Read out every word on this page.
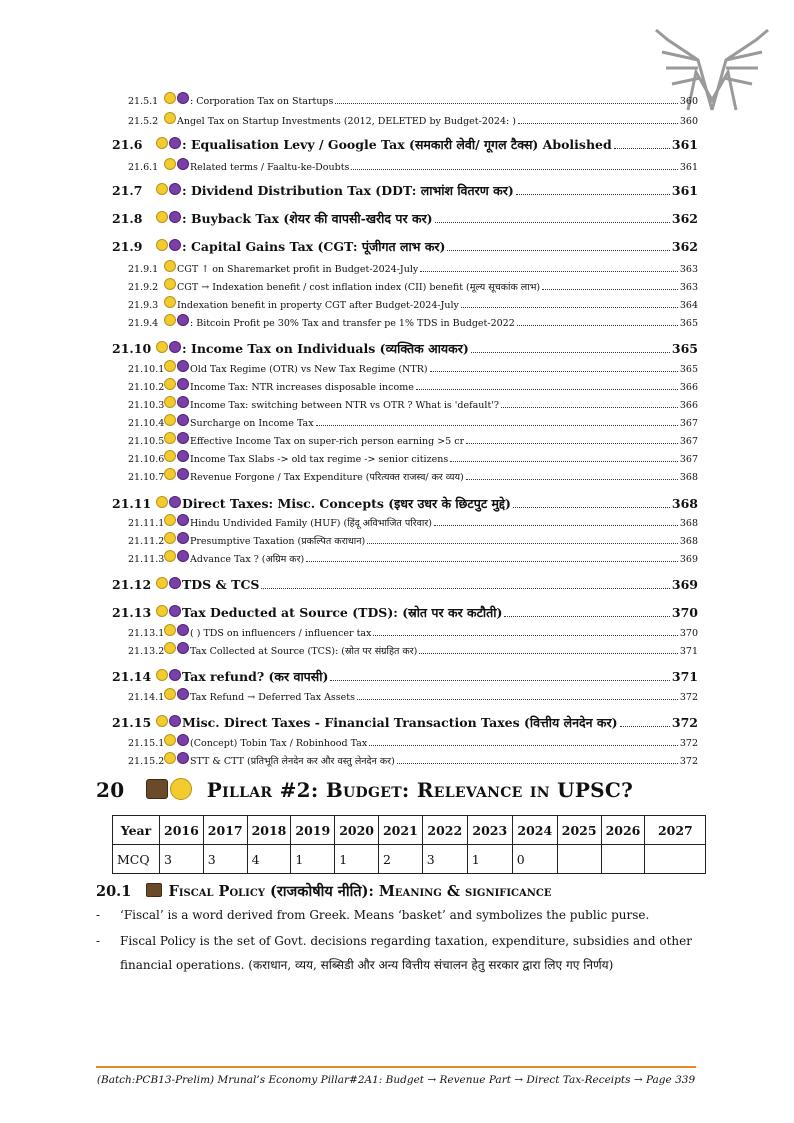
21.5.1	: Corporation Tax on Startups	360
21.5.2	Angel Tax on Startup Investments (2012, DELETED by Budget-2024: )	360
21.6	: Equalisation Levy / Google Tax (समकारी लेवी/ गूगल टैक्स) Abolished	361
21.6.1	Related terms / Faaltu-ke-Doubts	361
21.7	: Dividend Distribution Tax (DDT: लाभांश वितरण कर)	361
21.8	: Buyback Tax (शेयर की वापसी-खरीद पर कर)	362
21.9	: Capital Gains Tax (CGT: पूंजीगत लाभ कर)	362
21.9.1	CGT ↑ on Sharemarket profit in Budget-2024-July	363
21.9.2	CGT → Indexation benefit / cost inflation index (CII) benefit (मूल्य सूचकांक लाभ)	363
21.9.3	Indexation benefit in property CGT after Budget-2024-July	364
21.9.4	: Bitcoin Profit pe 30% Tax and transfer pe 1% TDS in Budget-2022	365
21.10	: Income Tax on Individuals (व्यक्तिक आयकर)	365
21.10.1	Old Tax Regime (OTR) vs New Tax Regime (NTR)	365
21.10.2	Income Tax: NTR increases disposable income	366
21.10.3	Income Tax: switching between NTR vs OTR ? What is 'default'?	366
21.10.4	Surcharge on Income Tax	367
21.10.5	Effective Income Tax on super-rich person earning >5 cr	367
21.10.6	Income Tax Slabs -> old tax regime -> senior citizens	367
21.10.7	Revenue Forgone / Tax Expenditure (परित्यक्त राजस्व/ कर व्यय)	368
21.11	Direct Taxes: Misc. Concepts (इधर उधर के छिटपुट मुद्दे)	368
21.11.1	Hindu Undivided Family (HUF) (हिंदू अविभाजित परिवार)	368
21.11.2	Presumptive Taxation (प्रकल्पित कराधान)	368
21.11.3	Advance Tax ? (अग्रिम कर)	369
21.12	TDS & TCS	369
21.13	Tax Deducted at Source (TDS): (स्रोत पर कर कटौती)	370
21.13.1	( ) TDS on influencers / influencer tax	370
21.13.2	Tax Collected at Source (TCS): (स्रोत पर संग्रहित कर)	371
21.14	Tax refund? (कर वापसी)	371
21.14.1	Tax Refund → Deferred Tax Assets	372
21.15	Misc. Direct Taxes - Financial Transaction Taxes (वित्तीय लेनदेन कर)	372
21.15.1	(Concept) Tobin Tax / Robinhood Tax	372
21.15.2	STT & CTT (प्रतिभूति लेनदेन कर और वस्तु लेनदेन कर)	372
20	Pillar #2: Budget: Relevance in UPSC?
Year	2016	2017	2018	2019	2020	2021	2022	2023	2024	2025	2026	2027
MCQ	3	3	4	1	1	2	3	1	0			
20.1	Fiscal Policy (राजकोषीय नीति): Meaning & significance
- ‘Fiscal’ is a word derived from Greek. Means ‘basket’ and symbolizes the public purse.
- Fiscal Policy is the set of Govt. decisions regarding taxation, expenditure, subsidies and other
financial operations. (कराधान, व्यय, सब्सिडी और अन्य वित्तीय संचालन हेतु सरकार द्वारा लिए गए निर्णय)
(Batch:PCB13-Prelim) Mrunal’s Economy Pillar#2A1: Budget → Revenue Part → Direct Tax-Receipts → Page 339
